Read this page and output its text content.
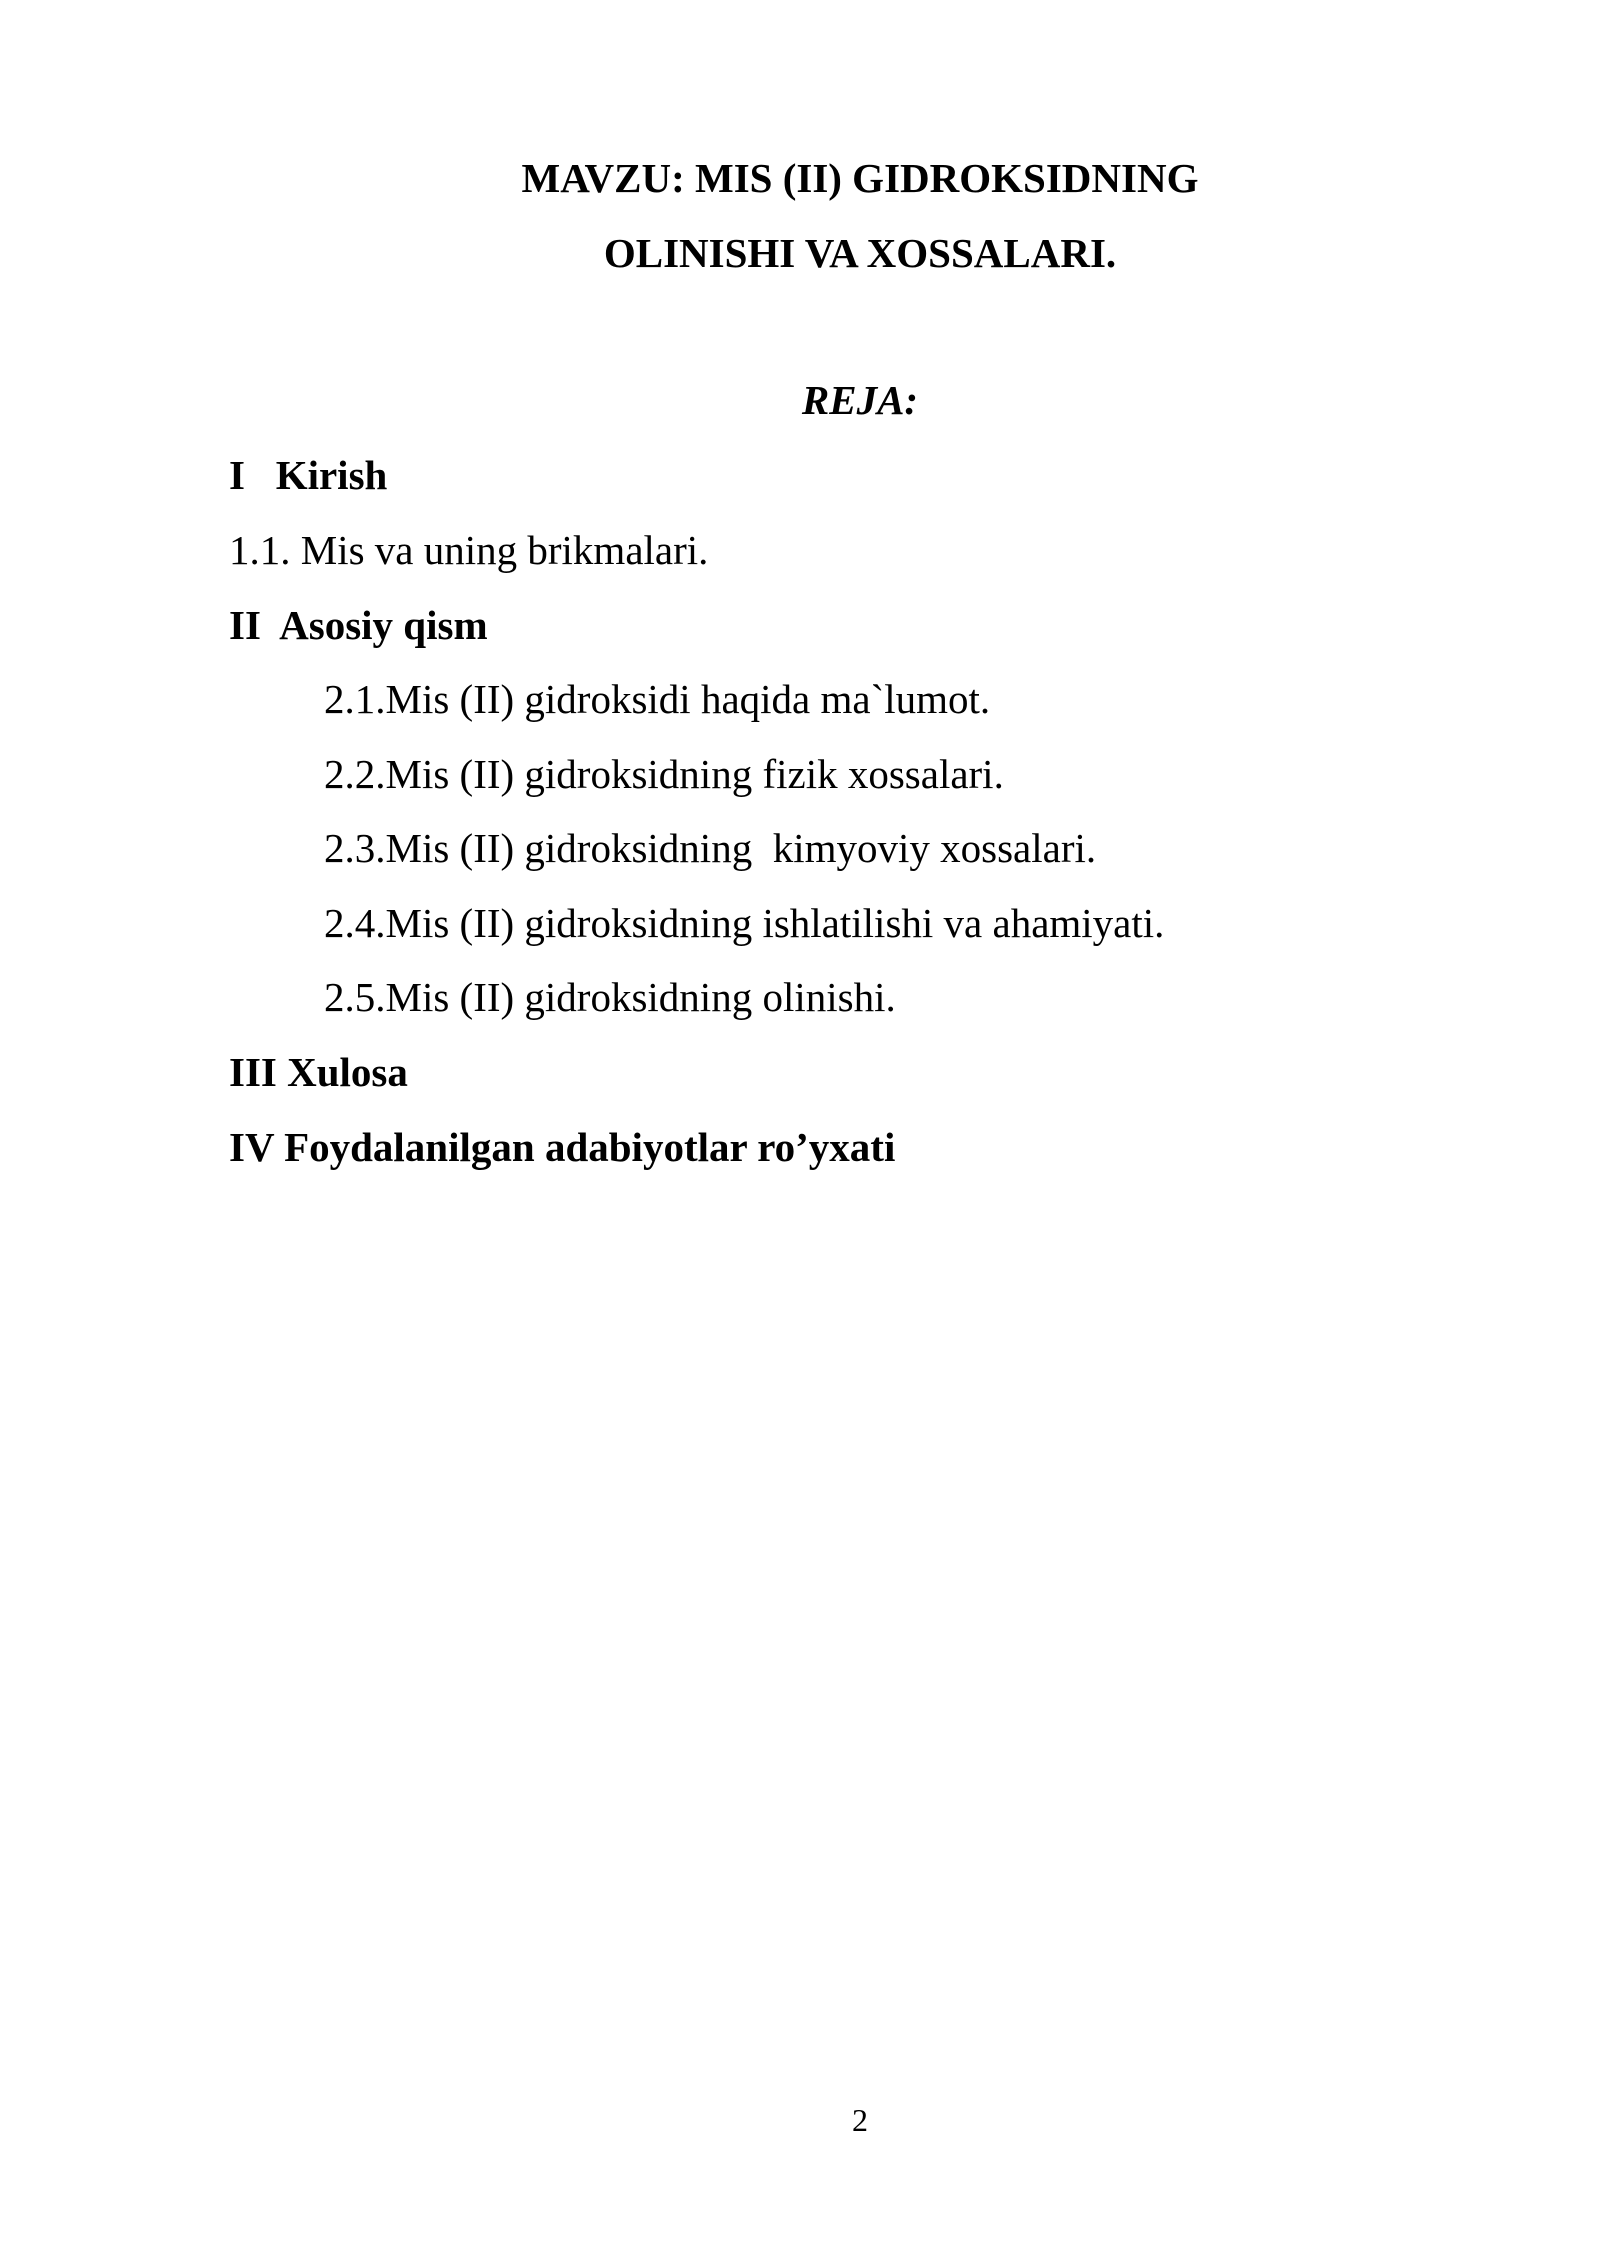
MAVZU: MIS (II) GIDROKSIDNING
OLINISHI VA XOSSALARI.
REJA:
I   Kirish
1.1. Mis va uning brikmalari.
II  Asosiy qism
2.1.Mis (II) gidroksidi haqida ma`lumot.
2.2.Mis (II) gidroksidning fizik xossalari.
2.3.Mis (II) gidroksidning  kimyoviy xossalari.
2.4.Mis (II) gidroksidning ishlatilishi va ahamiyati.
2.5.Mis (II) gidroksidning olinishi.
III Xulosa
IV Foydalanilgan adabiyotlar ro’yxati
2
